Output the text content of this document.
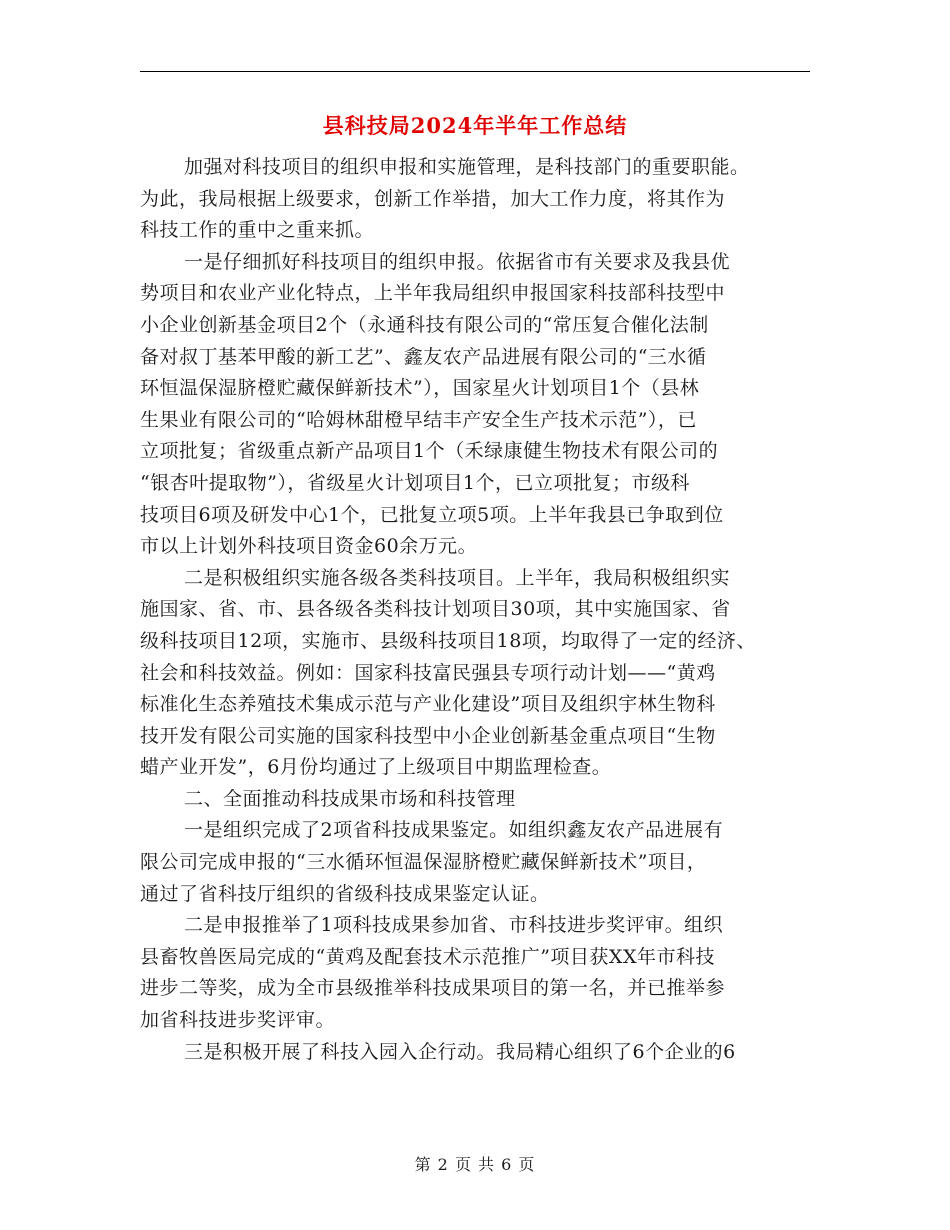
县科技局2024年半年工作总结
加强对科技项目的组织申报和实施管理，是科技部门的重要职能。
为此，我局根据上级要求，创新工作举措，加大工作力度，将其作为
科技工作的重中之重来抓。
一是仔细抓好科技项目的组织申报。依据省市有关要求及我县优
势项目和农业产业化特点，上半年我局组织申报国家科技部科技型中
小企业创新基金项目2个（永通科技有限公司的“常压复合催化法制
备对叔丁基苯甲酸的新工艺”、鑫友农产品进展有限公司的“三水循
环恒温保湿脐橙贮藏保鲜新技术”），国家星火计划项目1个（县林
生果业有限公司的“哈姆林甜橙早结丰产安全生产技术示范”），已
立项批复；省级重点新产品项目1个（禾绿康健生物技术有限公司的
“银杏叶提取物”），省级星火计划项目1个，已立项批复；市级科
技项目6项及研发中心1个，已批复立项5项。上半年我县已争取到位
市以上计划外科技项目资金60余万元。
二是积极组织实施各级各类科技项目。上半年，我局积极组织实
施国家、省、市、县各级各类科技计划项目30项，其中实施国家、省
级科技项目12项，实施市、县级科技项目18项，均取得了一定的经济、
社会和科技效益。例如：国家科技富民强县专项行动计划——“黄鸡
标准化生态养殖技术集成示范与产业化建设”项目及组织宇林生物科
技开发有限公司实施的国家科技型中小企业创新基金重点项目“生物
蜡产业开发”，6月份均通过了上级项目中期监理检查。
二、全面推动科技成果市场和科技管理
一是组织完成了2项省科技成果鉴定。如组织鑫友农产品进展有
限公司完成申报的“三水循环恒温保湿脐橙贮藏保鲜新技术”项目，
通过了省科技厅组织的省级科技成果鉴定认证。
二是申报推举了1项科技成果参加省、市科技进步奖评审。组织
县畜牧兽医局完成的“黄鸡及配套技术示范推广”项目获XX年市科技
进步二等奖，成为全市县级推举科技成果项目的第一名，并已推举参
加省科技进步奖评审。
三是积极开展了科技入园入企行动。我局精心组织了6个企业的6
第 2 页 共 6 页
